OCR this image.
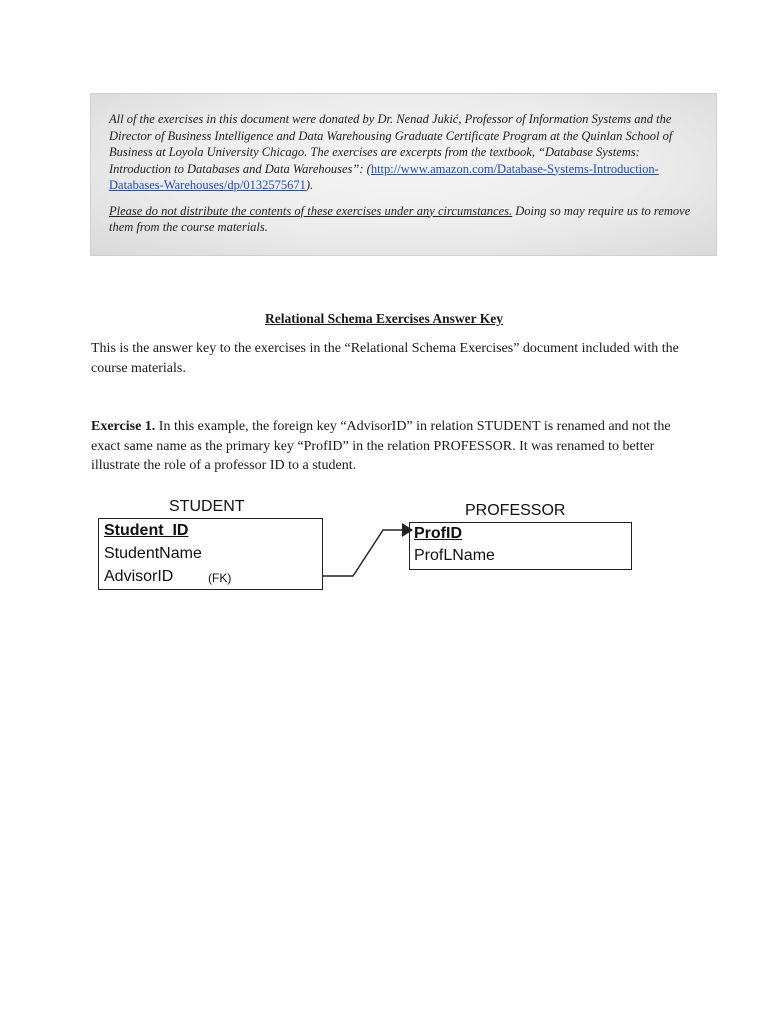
All of the exercises in this document were donated by Dr. Nenad Jukić, Professor of Information Systems and the Director of Business Intelligence and Data Warehousing Graduate Certificate Program at the Quinlan School of Business at Loyola University Chicago. The exercises are excerpts from the textbook, “Database Systems: Introduction to Databases and Data Warehouses”: (http://www.amazon.com/Database-Systems-Introduction-Databases-Warehouses/dp/0132575671).

Please do not distribute the contents of these exercises under any circumstances. Doing so may require us to remove them from the course materials.

Relational Schema Exercises Answer Key
This is the answer key to the exercises in the “Relational Schema Exercises” document included with the course materials.
Exercise 1. In this example, the foreign key “AdvisorID” in relation STUDENT is renamed and not the exact same name as the primary key “ProfID” in the relation PROFESSOR. It was renamed to better illustrate the role of a professor ID to a student.
STUDENT
Student_ID
StudentName
AdvisorID	(FK)
PROFESSOR
ProfID
ProfLName
